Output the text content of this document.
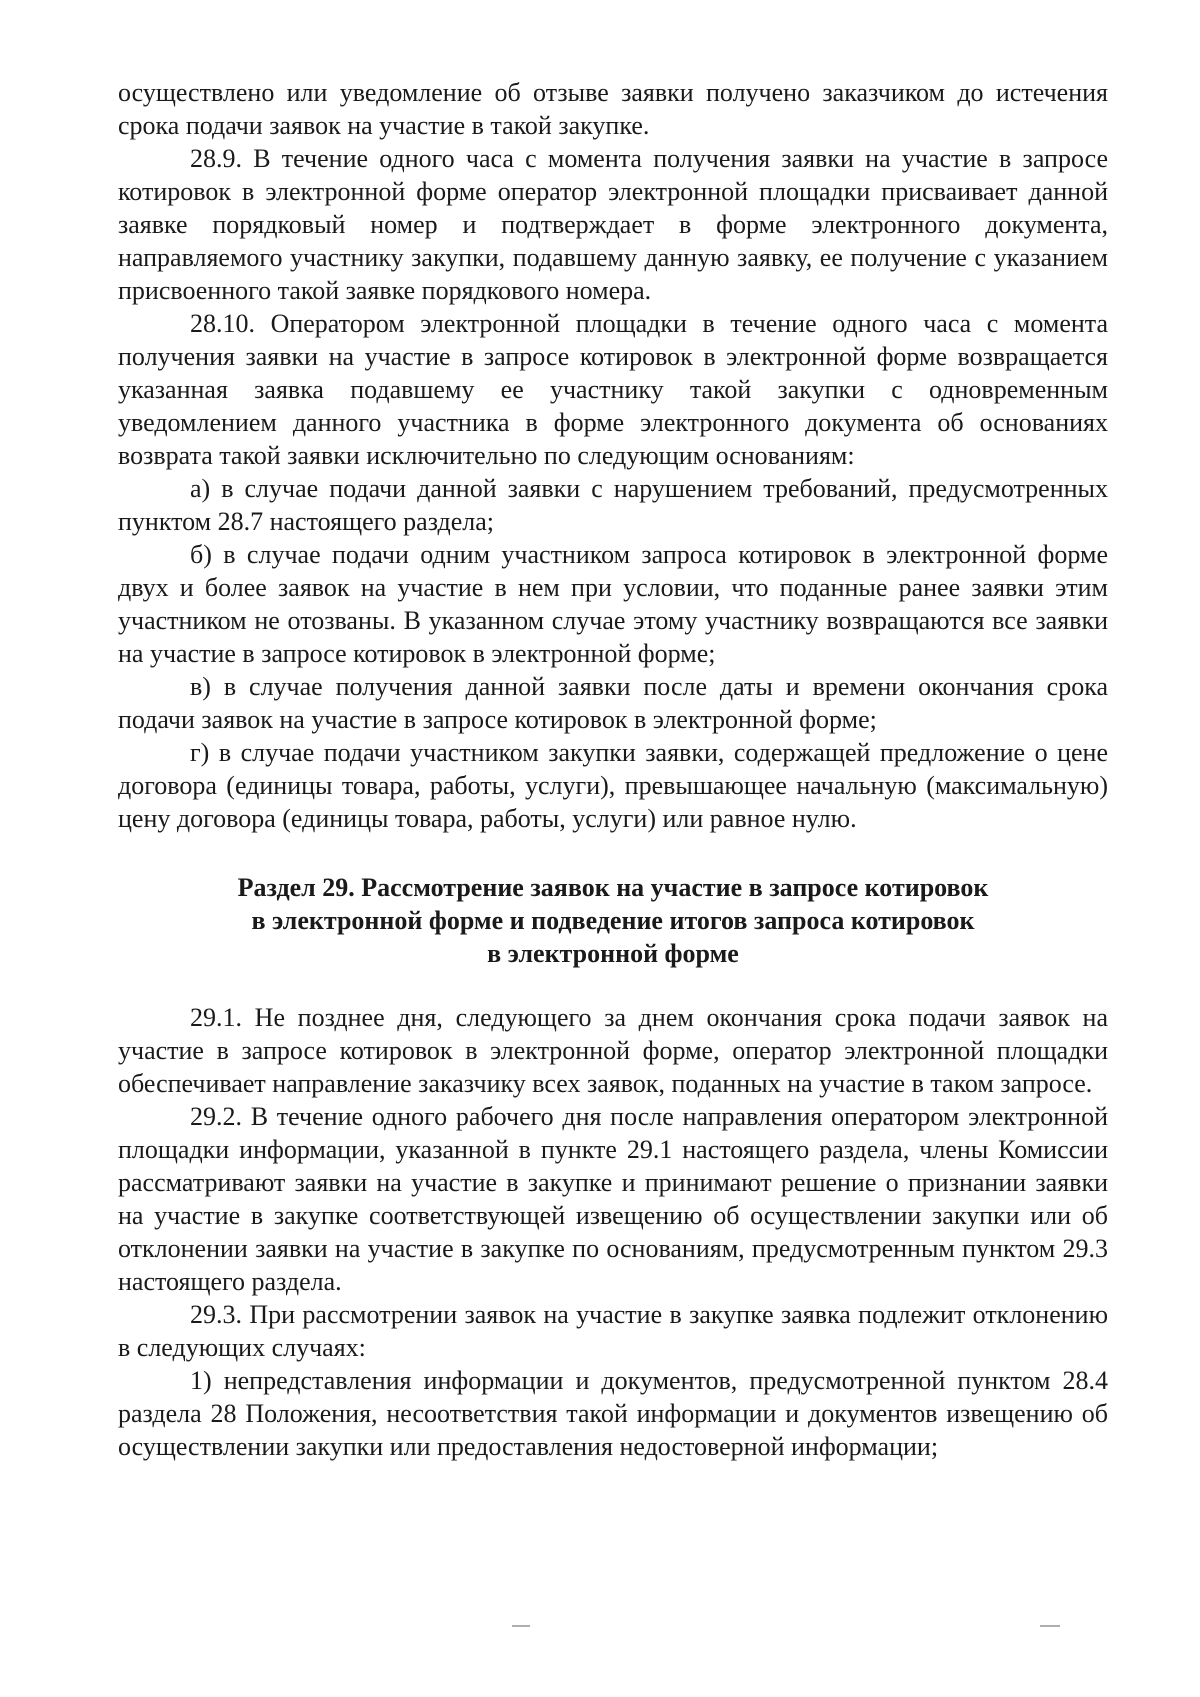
осуществлено или уведомление об отзыве заявки получено заказчиком до истечения срока подачи заявок на участие в такой закупке.

28.9. В течение одного часа с момента получения заявки на участие в запросе котировок в электронной форме оператор электронной площадки присваивает данной заявке порядковый номер и подтверждает в форме электронного документа, направляемого участнику закупки, подавшему данную заявку, ее получение с указанием присвоенного такой заявке порядкового номера.

28.10. Оператором электронной площадки в течение одного часа с момента получения заявки на участие в запросе котировок в электронной форме возвращается указанная заявка подавшему ее участнику такой закупки с одновременным уведомлением данного участника в форме электронного документа об основаниях возврата такой заявки исключительно по следующим основаниям:

а) в случае подачи данной заявки с нарушением требований, предусмотренных пунктом 28.7 настоящего раздела;

б) в случае подачи одним участником запроса котировок в электронной форме двух и более заявок на участие в нем при условии, что поданные ранее заявки этим участником не отозваны. В указанном случае этому участнику возвращаются все заявки на участие в запросе котировок в электронной форме;

в) в случае получения данной заявки после даты и времени окончания срока подачи заявок на участие в запросе котировок в электронной форме;

г) в случае подачи участником закупки заявки, содержащей предложение о цене договора (единицы товара, работы, услуги), превышающее начальную (максимальную) цену договора (единицы товара, работы, услуги) или равное нулю.

Раздел 29. Рассмотрение заявок на участие в запросе котировок
в электронной форме и подведение итогов запроса котировок
в электронной форме

29.1. Не позднее дня, следующего за днем окончания срока подачи заявок на участие в запросе котировок в электронной форме, оператор электронной площадки обеспечивает направление заказчику всех заявок, поданных на участие в таком запросе.

29.2. В течение одного рабочего дня после направления оператором электронной площадки информации, указанной в пункте 29.1 настоящего раздела, члены Комиссии рассматривают заявки на участие в закупке и принимают решение о признании заявки на участие в закупке соответствующей извещению об осуществлении закупки или об отклонении заявки на участие в закупке по основаниям, предусмотренным пунктом 29.3 настоящего раздела.

29.3. При рассмотрении заявок на участие в закупке заявка подлежит отклонению в следующих случаях:

1) непредставления информации и документов, предусмотренной пунктом 28.4 раздела 28 Положения, несоответствия такой информации и документов извещению об осуществлении закупки или предоставления недостоверной информации;
